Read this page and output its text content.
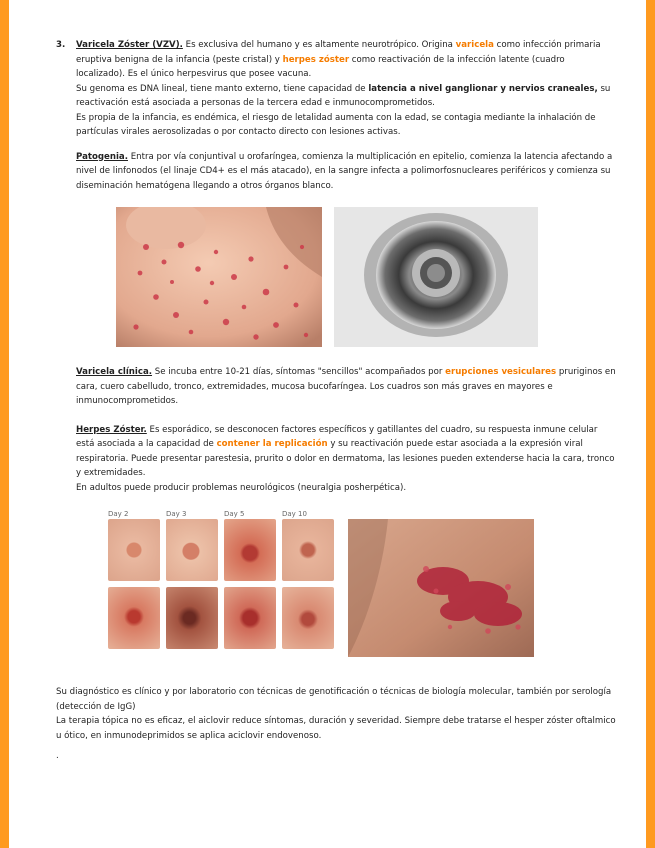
3. Varicela Zóster (VZV). Es exclusiva del humano y es altamente neurotrópico. Origina varicela como infección primaria eruptiva benigna de la infancia (peste cristal) y herpes zóster como reactivación de la infección latente (cuadro localizado). Es el único herpesvirus que posee vacuna.

Su genoma es DNA lineal, tiene manto externo, tiene capacidad de latencia a nivel ganglionar y nervios craneales, su reactivación está asociada a personas de la tercera edad e inmunocomprometidos.

Es propia de la infancia, es endémica, el riesgo de letalidad aumenta con la edad, se contagia mediante la inhalación de partículas virales aerosolizadas o por contacto directo con lesiones activas.

Patogenia. Entra por vía conjuntival u orofaríngea, comienza la multiplicación en epitelio, comienza la latencia afectando a nivel de linfonodos (el linaje CD4+ es el más atacado), en la sangre infecta a polimorfosnucleares periféricos y comienza su diseminación hematógena llegando a otros órganos blanco.

Varicela clínica. Se incuba entre 10-21 días, síntomas "sencillos" acompañados por erupciones vesiculares pruriginos en cara, cuero cabelludo, tronco, extremidades, mucosa bucofaríngea. Los cuadros son más graves en mayores e inmunocomprometidos.

Herpes Zóster. Es esporádico, se desconocen factores específicos y gatillantes del cuadro, su respuesta inmune celular está asociada a la capacidad de contener la replicación y su reactivación puede estar asociada a la expresión viral respiratoria. Puede presentar parestesia, prurito o dolor en dermatoma, las lesiones pueden extenderse hacia la cara, tronco y extremidades.

En adultos puede producir problemas neurológicos (neuralgia posherpética).

Day 2	Day 3	Day 5	Day 10

Su diagnóstico es clínico y por laboratorio con técnicas de genotificación o técnicas de biología molecular, también por serología (detección de IgG)

La terapia tópica no es eficaz, el aiclovir reduce síntomas, duración y severidad. Siempre debe tratarse el hesper zóster oftalmico u ótico, en inmunodeprimidos se aplica aciclovir endovenoso.

.
